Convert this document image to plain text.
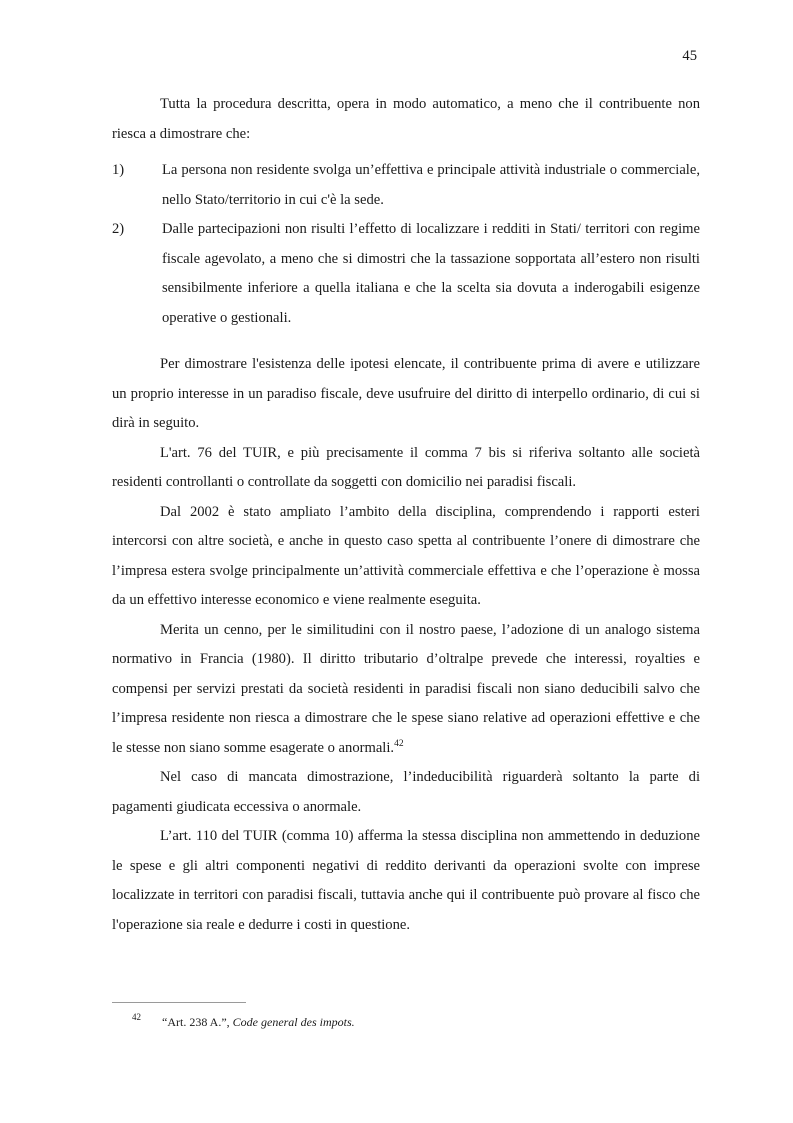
45

Tutta la procedura descritta, opera in modo automatico, a meno che il contribuente non riesca a dimostrare che:

1)	La persona non residente svolga un’effettiva e principale attività industriale o commerciale, nello Stato/territorio in cui c'è la sede.
2)	Dalle partecipazioni non risulti l’effetto di localizzare i redditi in Stati/ territori con regime fiscale agevolato, a meno che si dimostri che la tassazione sopportata all’estero non risulti sensibilmente inferiore a quella italiana e che la scelta sia dovuta a inderogabili esigenze operative o gestionali.

Per dimostrare l'esistenza delle ipotesi elencate, il contribuente prima di avere e utilizzare un proprio interesse in un paradiso fiscale, deve usufruire del diritto di interpello ordinario, di cui si dirà in seguito.

L'art. 76 del TUIR, e più precisamente il comma 7 bis si riferiva soltanto alle società residenti controllanti o controllate da soggetti con domicilio nei paradisi fiscali.

Dal 2002 è stato ampliato l’ambito della disciplina, comprendendo i rapporti esteri intercorsi con altre società, e anche in questo caso spetta al contribuente l’onere di dimostrare che l’impresa estera svolge principalmente un’attività commerciale effettiva e che l’operazione è mossa da un effettivo interesse economico e viene realmente eseguita.

Merita un cenno, per le similitudini con il nostro paese, l’adozione di un analogo sistema normativo in Francia (1980). Il diritto tributario d’oltralpe prevede che interessi, royalties e compensi per servizi prestati da società residenti in paradisi fiscali non siano deducibili salvo che l’impresa residente non riesca a dimostrare che le spese siano relative ad operazioni effettive e che le stesse non siano somme esagerate o anormali.$^{42}$

Nel caso di mancata dimostrazione, l’indeducibilità riguarderà soltanto la parte di pagamenti giudicata eccessiva o anormale.

L’art. 110 del TUIR (comma 10) afferma la stessa disciplina non ammettendo in deduzione le spese e gli altri componenti negativi di reddito derivanti da operazioni svolte con imprese localizzate in territori con paradisi fiscali, tuttavia anche qui il contribuente può provare al fisco che l'operazione sia reale e dedurre i costi in questione.

42 “Art. 238 A.”, Code general des impots.
